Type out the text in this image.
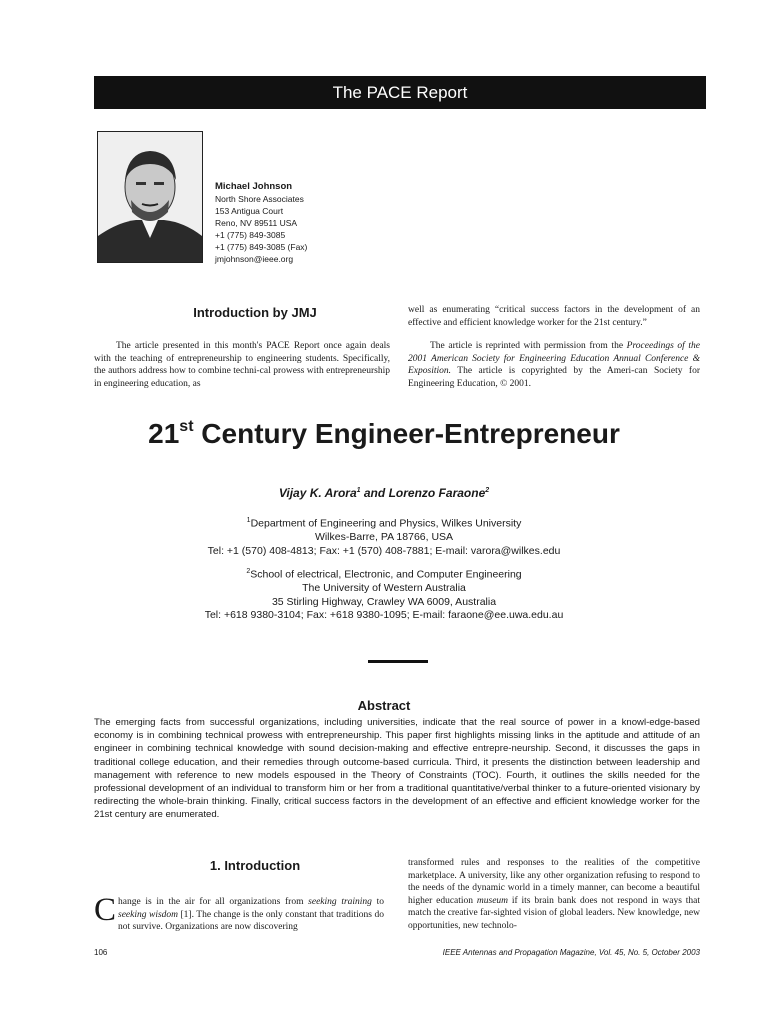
The PACE Report
Michael Johnson
North Shore Associates
153 Antigua Court
Reno, NV 89511 USA
+1 (775) 849-3085
+1 (775) 849-3085 (Fax)
jmjohnson@ieee.org
Introduction by JMJ

The article presented in this month's PACE Report once again deals with the teaching of entrepreneurship to engineering students. Specifically, the authors address how to combine techni-cal prowess with entrepreneurship in engineering education, as

well as enumerating “critical success factors in the development of an effective and efficient knowledge worker for the 21st century.”

The article is reprinted with permission from the Proceedings of the 2001 American Society for Engineering Education Annual Conference & Exposition. The article is copyrighted by the Ameri-can Society for Engineering Education, © 2001.

21st Century Engineer-Entrepreneur
Vijay K. Arora$^1$ and Lorenzo Faraone$^2$
$^1$Department of Engineering and Physics, Wilkes University
Wilkes-Barre, PA 18766, USA
Tel: +1 (570) 408-4813; Fax: +1 (570) 408-7881; E-mail: varora@wilkes.edu
$^2$School of electrical, Electronic, and Computer Engineering
The University of Western Australia
35 Stirling Highway, Crawley WA 6009, Australia
Tel: +618 9380-3104; Fax: +618 9380-1095; E-mail: faraone@ee.uwa.edu.au
Abstract
The emerging facts from successful organizations, including universities, indicate that the real source of power in a knowl-edge-based economy is in combining technical prowess with entrepreneurship. This paper first highlights missing links in the aptitude and attitude of an engineer in combining technical knowledge with sound decision-making and effective entrepre-neurship. Second, it discusses the gaps in traditional college education, and their remedies through outcome-based curricula. Third, it presents the distinction between leadership and management with reference to new models espoused in the Theory of Constraints (TOC). Fourth, it outlines the skills needed for the professional development of an individual to transform him or her from a traditional quantitative/verbal thinker to a future-oriented visionary by redirecting the whole-brain thinking. Finally, critical success factors in the development of an effective and efficient knowledge worker for the 21st century are enumerated.
1. Introduction

Change is in the air for all organizations from seeking training to seeking wisdom [1]. The change is the only constant that traditions do not survive. Organizations are now discovering

transformed rules and responses to the realities of the competitive marketplace. A university, like any other organization refusing to respond to the needs of the dynamic world in a timely manner, can become a beautiful higher education museum if its brain bank does not respond in ways that match the creative far-sighted vision of global leaders. New knowledge, new opportunities, new technolo-

106	IEEE Antennas and Propagation Magazine, Vol. 45, No. 5, October 2003
